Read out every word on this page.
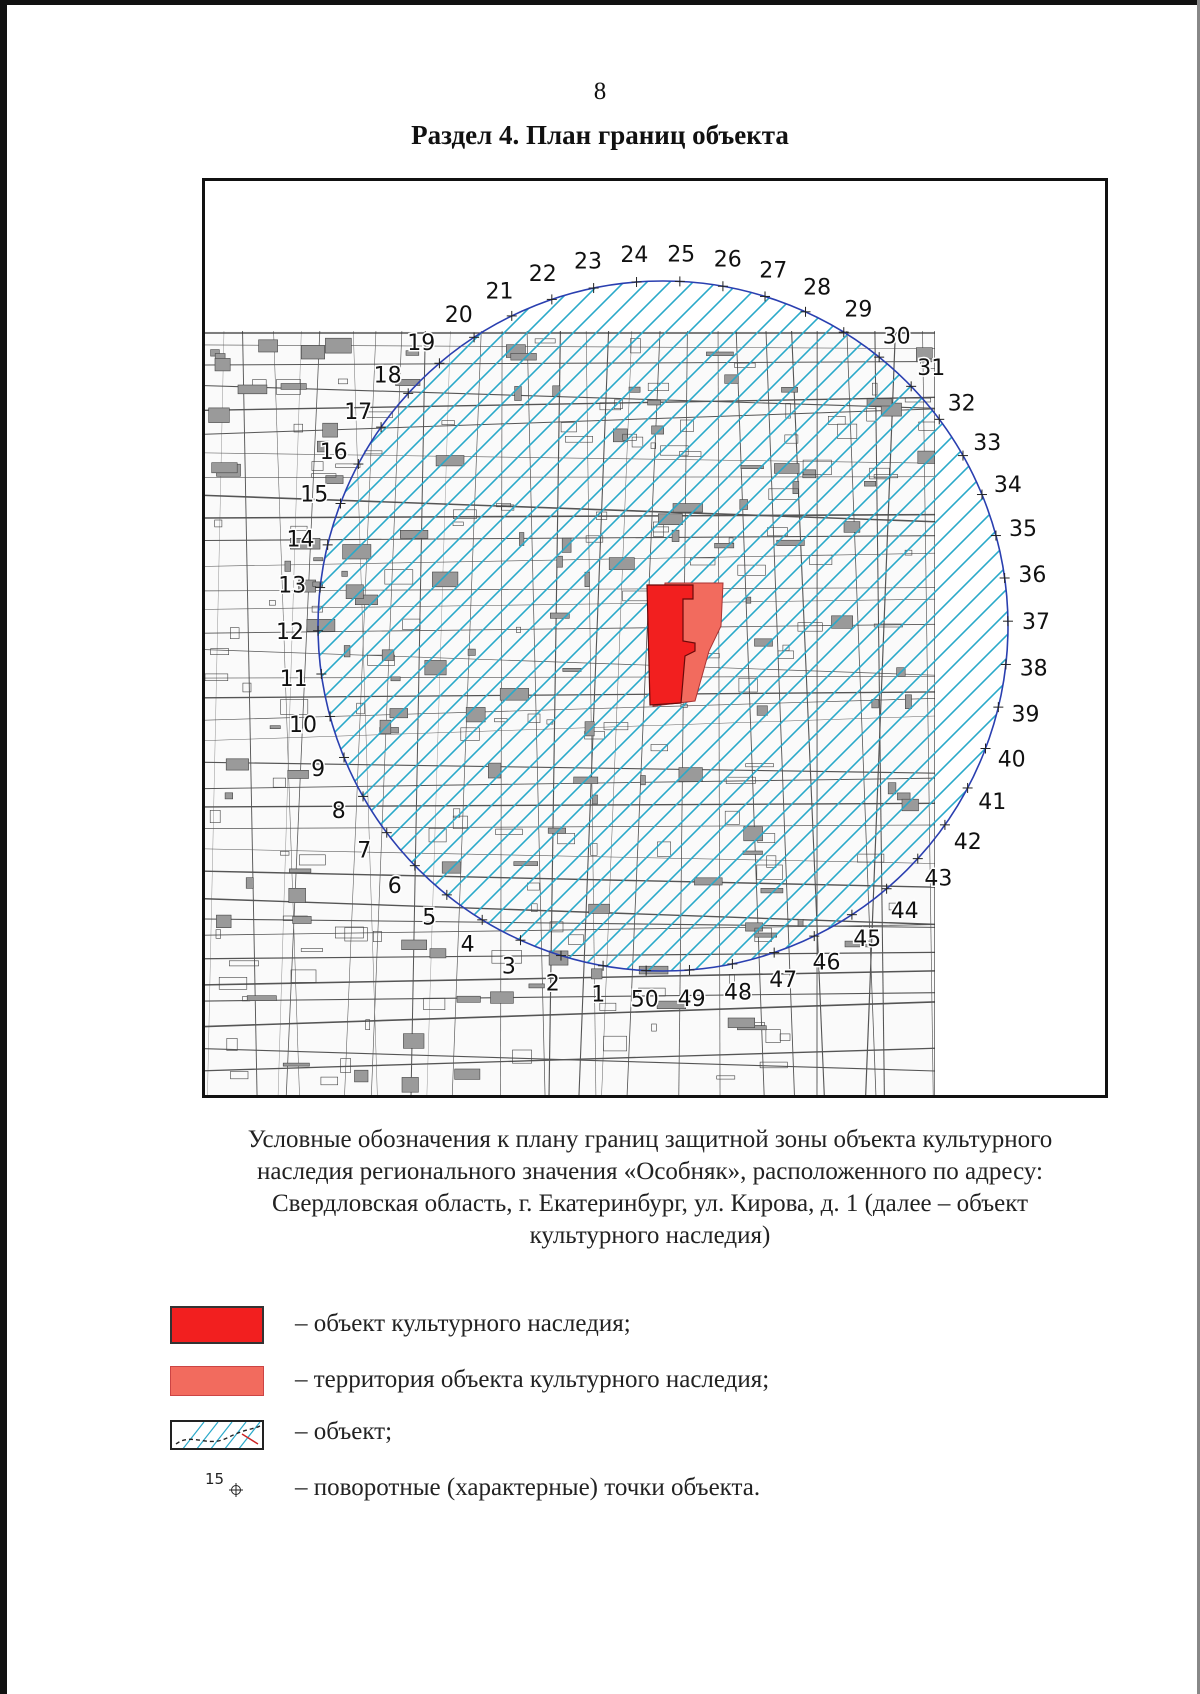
8
Раздел 4. План границ объекта
1
2
3
4
5
6
7
8
9
10
11
12
13
14
15
16
17
18
19
20
21
22 23 24 25 26 27
28
29
30
31
32
33
34
35
36
37
38
39
40
41
42
43
44
45
46
47
48
49
50
Условные обозначения к плану границ защитной зоны объекта культурного
наследия регионального значения «Особняк», расположенного по адресу:
Свердловская область, г. Екатеринбург, ул. Кирова, д. 1 (далее – объект
культурного наследия)
– объект культурного наследия;
– территория объекта культурного наследия;
– объект;
15	– поворотные (характерные) точки объекта.
